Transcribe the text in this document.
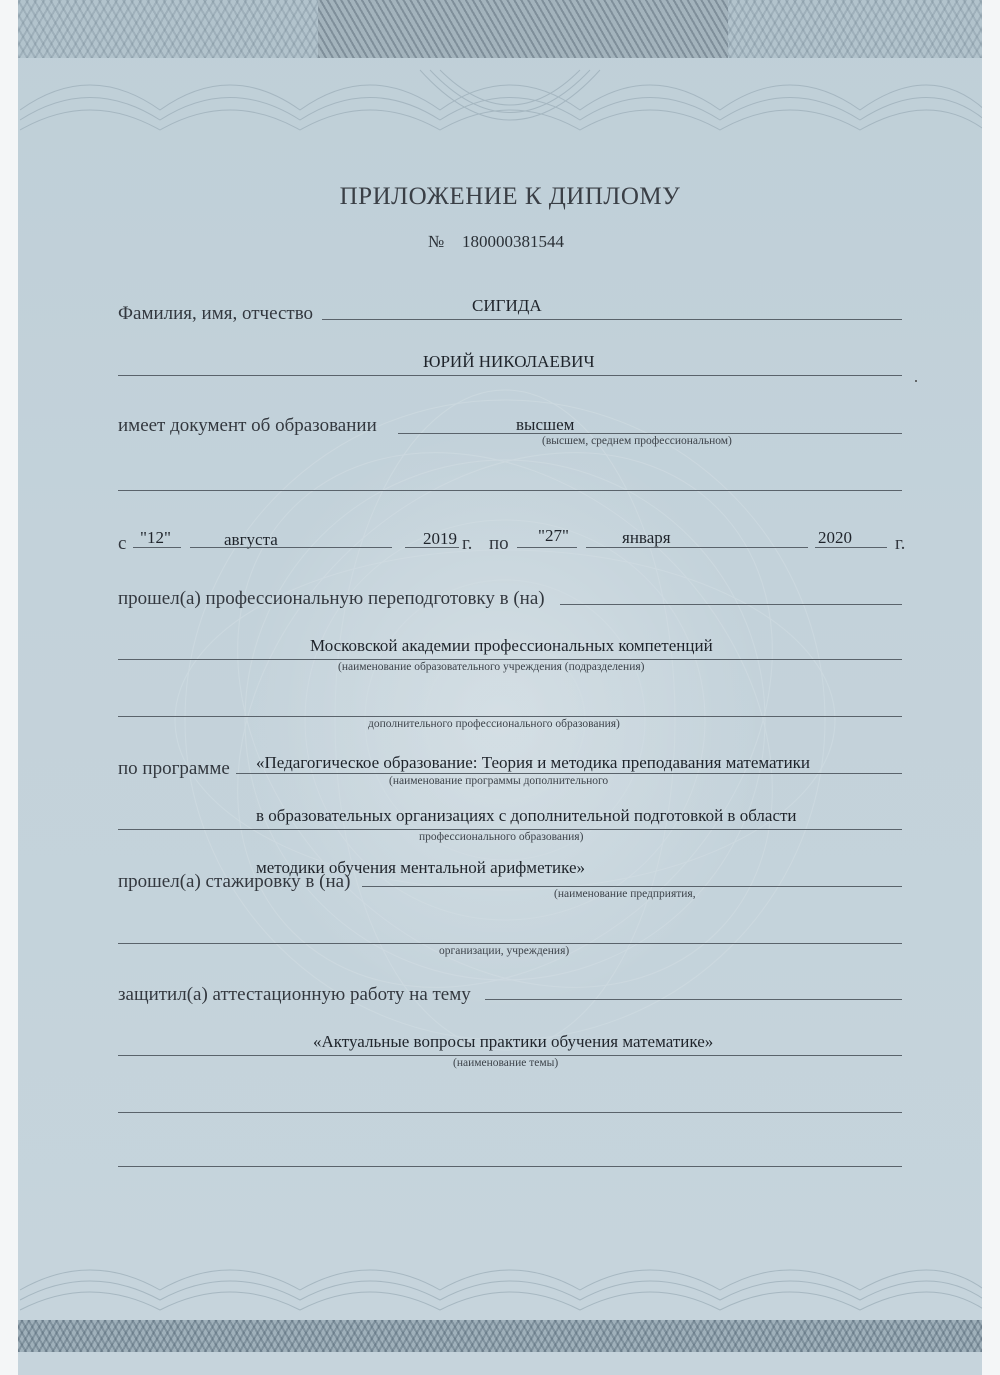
ПРИЛОЖЕНИЕ К ДИПЛОМУ
№ 180000381544
Фамилия, имя, отчество	СИГИДА
ЮРИЙ НИКОЛАЕВИЧ
имеет документ об образовании	высшем
(высшем, среднем профессиональном)
с "12"	августа	2019 г. по "27"	января	2020 г.
прошел(а) профессиональную переподготовку в (на)
Московской академии профессиональных компетенций
(наименование образовательного учреждения (подразделения)
дополнительного профессионального образования)
по программе «Педагогическое образование: Теория и методика преподавания математики
(наименование программы дополнительного
в образовательных организациях с дополнительной подготовкой в области
профессионального образования)
методики обучения ментальной арифметике»
прошел(а) стажировку в (на)
(наименование предприятия,
организации, учреждения)
защитил(а) аттестационную работу на тему
«Актуальные вопросы практики обучения математике»
(наименование темы)
